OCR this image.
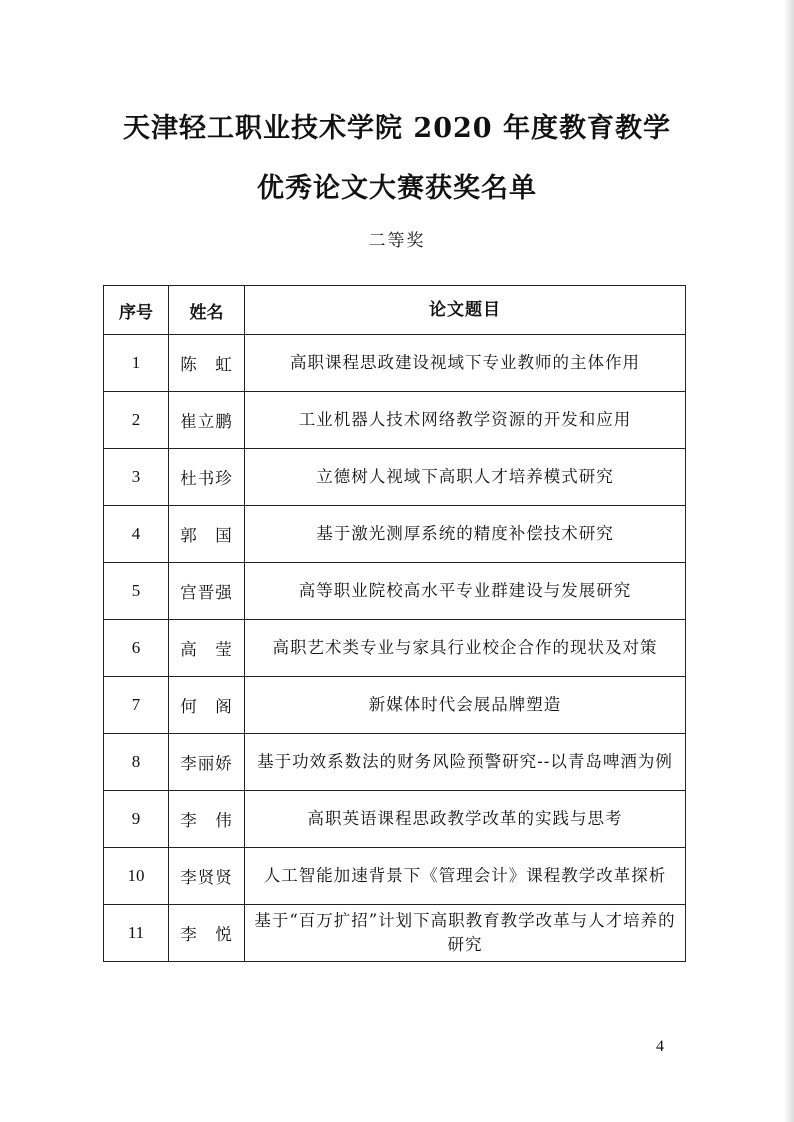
天津轻工职业技术学院 2020 年度教育教学
优秀论文大赛获奖名单
二等奖
序号	姓名	论文题目
1	陈　虹	高职课程思政建设视域下专业教师的主体作用
2	崔立鹏	工业机器人技术网络教学资源的开发和应用
3	杜书珍	立德树人视域下高职人才培养模式研究
4	郭　国	基于激光测厚系统的精度补偿技术研究
5	宫晋强	高等职业院校高水平专业群建设与发展研究
6	高　莹	高职艺术类专业与家具行业校企合作的现状及对策
7	何　阁	新媒体时代会展品牌塑造
8	李丽娇	基于功效系数法的财务风险预警研究--以青岛啤酒为例
9	李　伟	高职英语课程思政教学改革的实践与思考
10	李贤贤	人工智能加速背景下《管理会计》课程教学改革探析
11	李　悦	基于“百万扩招”计划下高职教育教学改革与人才培养的研究
4
